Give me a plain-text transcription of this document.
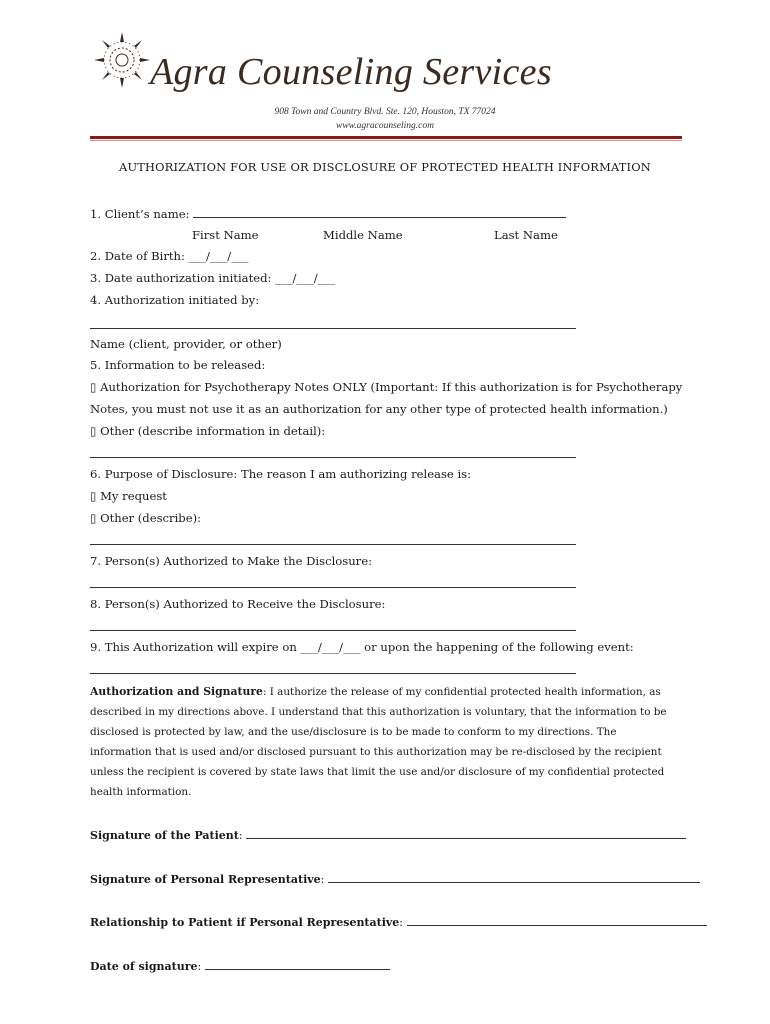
Agra Counseling Services
908 Town and Country Blvd. Ste. 120, Houston, TX 77024
www.agracounseling.com
AUTHORIZATION FOR USE OR DISCLOSURE OF PROTECTED HEALTH INFORMATION
1. Client’s name:
First Name	Middle Name	Last Name
2. Date of Birth: ___/___/___
3. Date authorization initiated: ___/___/___
4. Authorization initiated by:
Name (client, provider, or other)
5. Information to be released:
▯ Authorization for Psychotherapy Notes ONLY (Important: If this authorization is for Psychotherapy
Notes, you must not use it as an authorization for any other type of protected health information.)
▯ Other (describe information in detail):
6. Purpose of Disclosure: The reason I am authorizing release is:
▯ My request
▯ Other (describe):
7. Person(s) Authorized to Make the Disclosure:
8. Person(s) Authorized to Receive the Disclosure:
9. This Authorization will expire on ___/___/___ or upon the happening of the following event:
Authorization and Signature: I authorize the release of my confidential protected health information, as described in my directions above. I understand that this authorization is voluntary, that the information to be disclosed is protected by law, and the use/disclosure is to be made to conform to my directions. The information that is used and/or disclosed pursuant to this authorization may be re-disclosed by the recipient unless the recipient is covered by state laws that limit the use and/or disclosure of my confidential protected health information.
Signature of the Patient:
Signature of Personal Representative:
Relationship to Patient if Personal Representative:
Date of signature:
